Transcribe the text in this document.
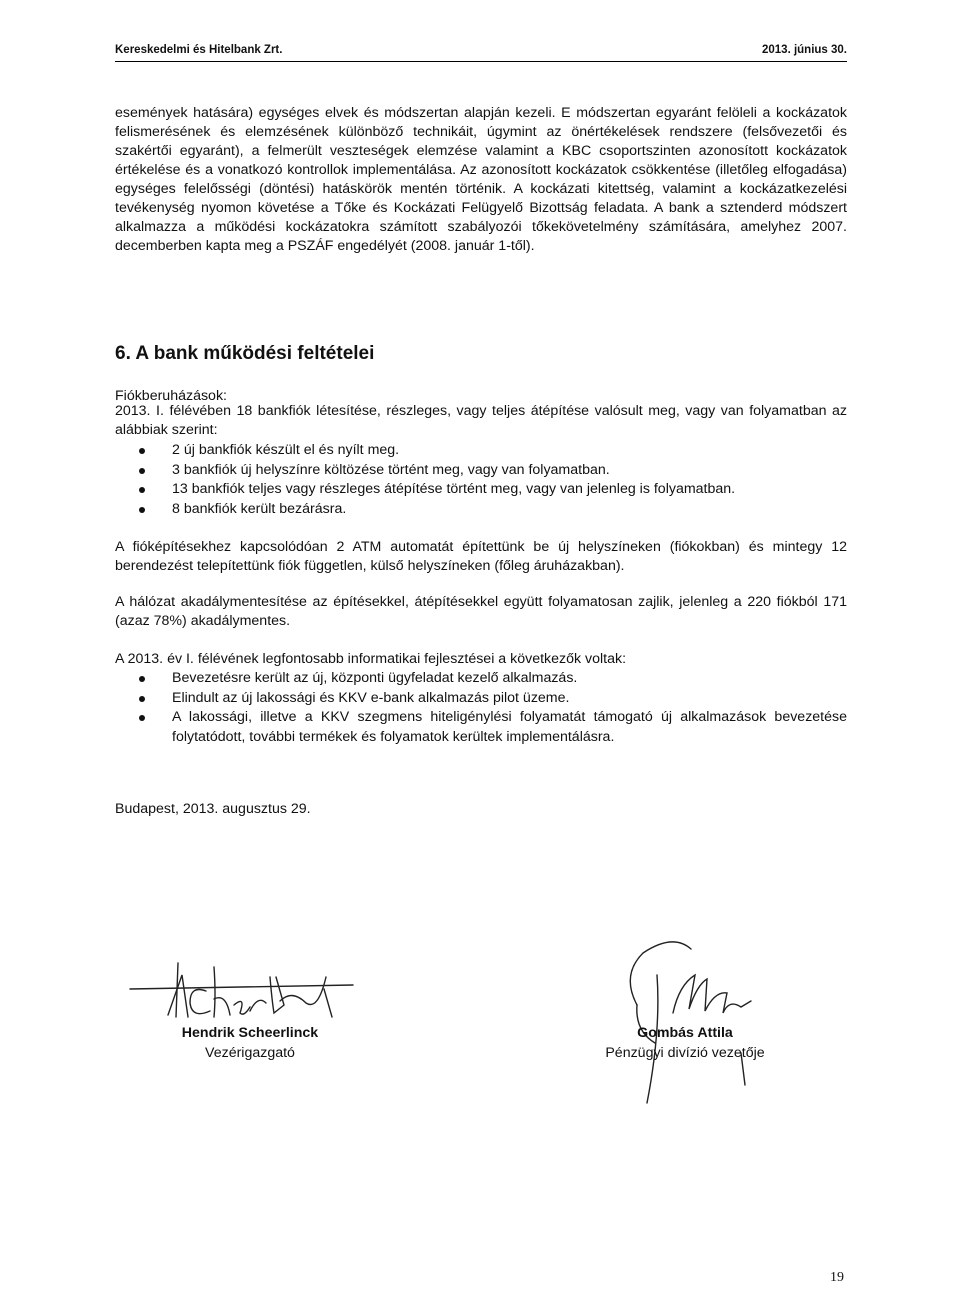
Kereskedelmi és Hitelbank Zrt.	2013. június 30.

események hatására) egységes elvek és módszertan alapján kezeli. E módszertan egyaránt felöleli a kockázatok felismerésének és elemzésének különböző technikáit, úgymint az önértékelések rendszere (felsővezetői és szakértői egyaránt), a felmerült veszteségek elemzése valamint a KBC csoportszinten azonosított kockázatok értékelése és a vonatkozó kontrollok implementálása. Az azonosított kockázatok csökkentése (illetőleg elfogadása) egységes felelősségi (döntési) hatáskörök mentén történik. A kockázati kitettség, valamint a kockázatkezelési tevékenység nyomon követése a Tőke és Kockázati Felügyelő Bizottság feladata. A bank a sztenderd módszert alkalmazza a működési kockázatokra számított szabályozói tőkekövetelmény számítására, amelyhez 2007. decemberben kapta meg a PSZÁF engedélyét (2008. január 1-től).

6. A bank működési feltételei

Fiókberuházások:

2013. I. félévében 18 bankfiók létesítése, részleges, vagy teljes átépítése valósult meg, vagy van folyamatban az alábbiak szerint:

2 új bankfiók készült el és nyílt meg.
3 bankfiók új helyszínre költözése történt meg, vagy van folyamatban.
13 bankfiók teljes vagy részleges átépítése történt meg, vagy van jelenleg is folyamatban.
8 bankfiók került bezárásra.

A fióképítésekhez kapcsolódóan 2 ATM automatát építettünk be új helyszíneken (fiókokban) és mintegy 12 berendezést telepítettünk fiók független, külső helyszíneken (főleg áruházakban).

A hálózat akadálymentesítése az építésekkel, átépítésekkel együtt folyamatosan zajlik, jelenleg a 220 fiókból 171 (azaz 78%) akadálymentes.

A 2013. év I. félévének legfontosabb informatikai fejlesztései a következők voltak:

Bevezetésre került az új, központi ügyfeladat kezelő alkalmazás.
Elindult az új lakossági és KKV e-bank alkalmazás pilot üzeme.
A lakossági, illetve a KKV szegmens hiteligénylési folyamatát támogató új alkalmazások bevezetése folytatódott, további termékek és folyamatok kerültek implementálásra.
Budapest, 2013. augusztus 29.
Hendrik Scheerlinck
Vezérigazgató
Gombás Attila
Pénzügyi divízió vezetője
19
